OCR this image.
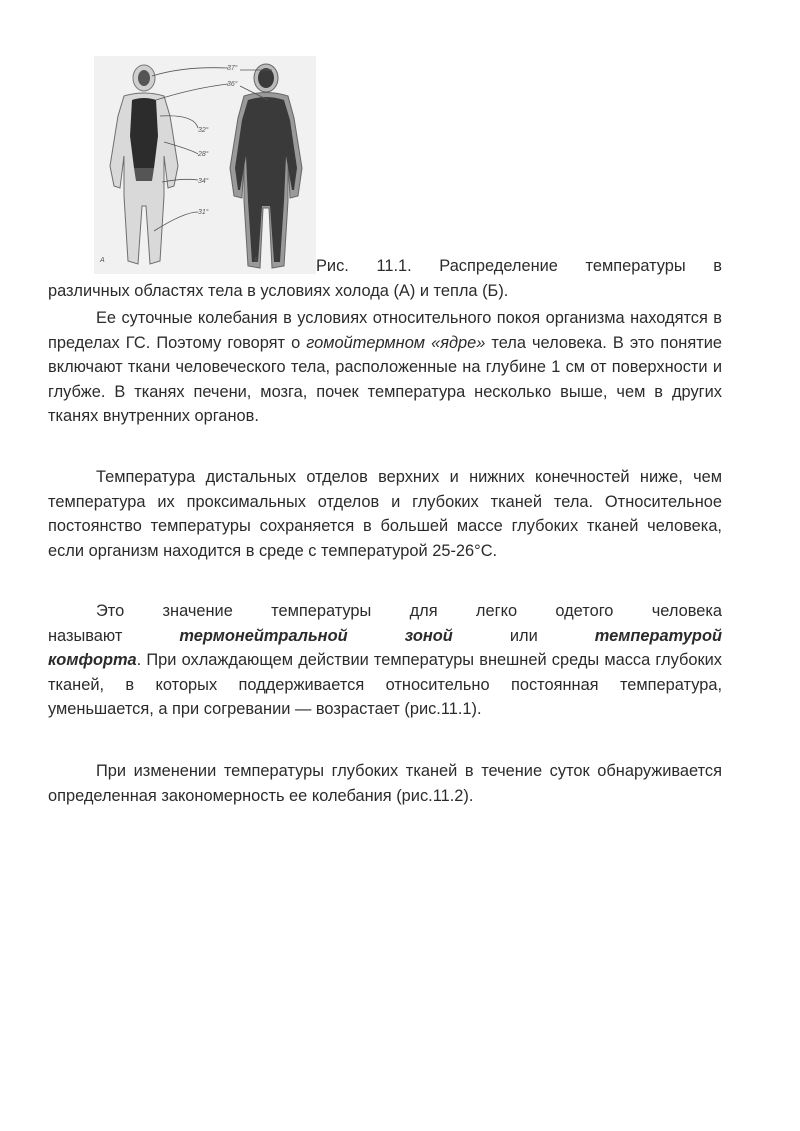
А	Б
37°
36°
32°
28°
34°
31°
Рис. 11.1. Распределение температуры в
различных областях тела в условиях холода (А) и тепла (Б).

Ее суточные колебания в условиях относительного покоя организма находятся в пределах ГС. Поэтому говорят о гомойтермном «ядре» тела человека. В это понятие включают ткани человеческого тела, расположенные на глубине 1 см от поверхности и глубже. В тканях печени, мозга, почек температура несколько выше, чем в других тканях внутренних органов.

Температура дистальных отделов верхних и нижних конечностей ниже, чем температура их проксимальных отделов и глубоких тканей тела. Относительное постоянство температуры сохраняется в большей массе глубоких тканей человека, если организм находится в среде с температурой 25-26°С.

Это значение температуры для легко одетого человека
называют	термонейтральной	зоной	или	температурой
комфорта. При охлаждающем действии температуры внешней среды масса глубоких тканей, в которых поддерживается относительно постоянная температура, уменьшается, а при согревании — возрастает (рис.11.1).

При изменении температуры глубоких тканей в течение суток обнаруживается определенная закономерность ее колебания (рис.11.2).
